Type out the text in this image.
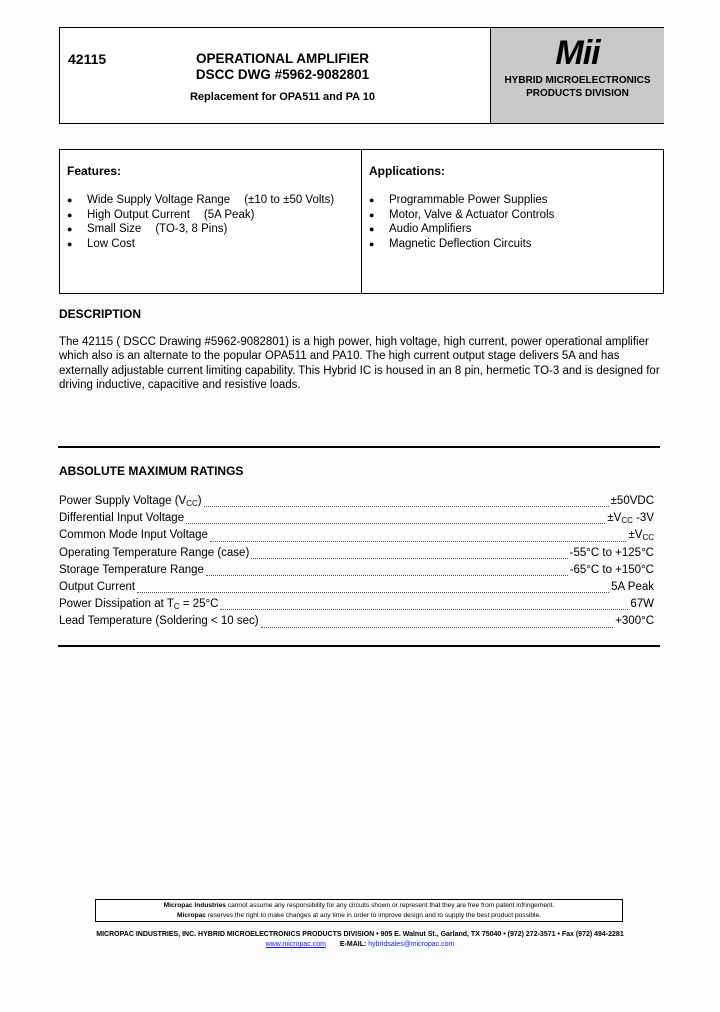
42115	OPERATIONAL AMPLIFIER
DSCC DWG #5962-9082801
Replacement for OPA511 and PA 10
Mii
HYBRID MICROELECTRONICS
PRODUCTS DIVISION
Features:
●	Wide Supply Voltage Range (±10 to ±50 Volts)
●	High Output Current (5A Peak)
●	Small Size (TO-3, 8 Pins)
●	Low Cost
Applications:
●	Programmable Power Supplies
●	Motor, Valve & Actuator Controls
●	Audio Amplifiers
●	Magnetic Deflection Circuits
DESCRIPTION
The 42115 ( DSCC Drawing #5962-9082801) is a high power, high voltage, high current, power operational amplifier which also is an alternate to the popular OPA511 and PA10. The high current output stage delivers 5A and has externally adjustable current limiting capability. This Hybrid IC is housed in an 8 pin, hermetic TO-3 and is designed for driving inductive, capacitive and resistive loads.
ABSOLUTE MAXIMUM RATINGS
Power Supply Voltage $(V_{CC})$	±50VDC
Differential Input Voltage	$\pm V_{CC}$ -3V
Common Mode Input Voltage	$\pm V_{CC}$
Operating Temperature Range (case)	-55°C to +125°C
Storage Temperature Range	-65°C to +150°C
Output Current	5A Peak
Power Dissipation at $T_C = 25^\circ C$	67W
Lead Temperature (Soldering < 10 sec)	+300°C
Micropac Industries cannot assume any responsibility for any circuits shown or represent that they are free from patent infringement.
Micropac reserves the right to make changes at any time in order to improve design and to supply the best product possible.
MICROPAC INDUSTRIES, INC. HYBRID MICROELECTRONICS PRODUCTS DIVISION • 905 E. Walnut St., Garland, TX 75040 • (972) 272-3571 • Fax (972) 494-2281
www.micropac.com E-MAIL: hybridsales@micropac.com
